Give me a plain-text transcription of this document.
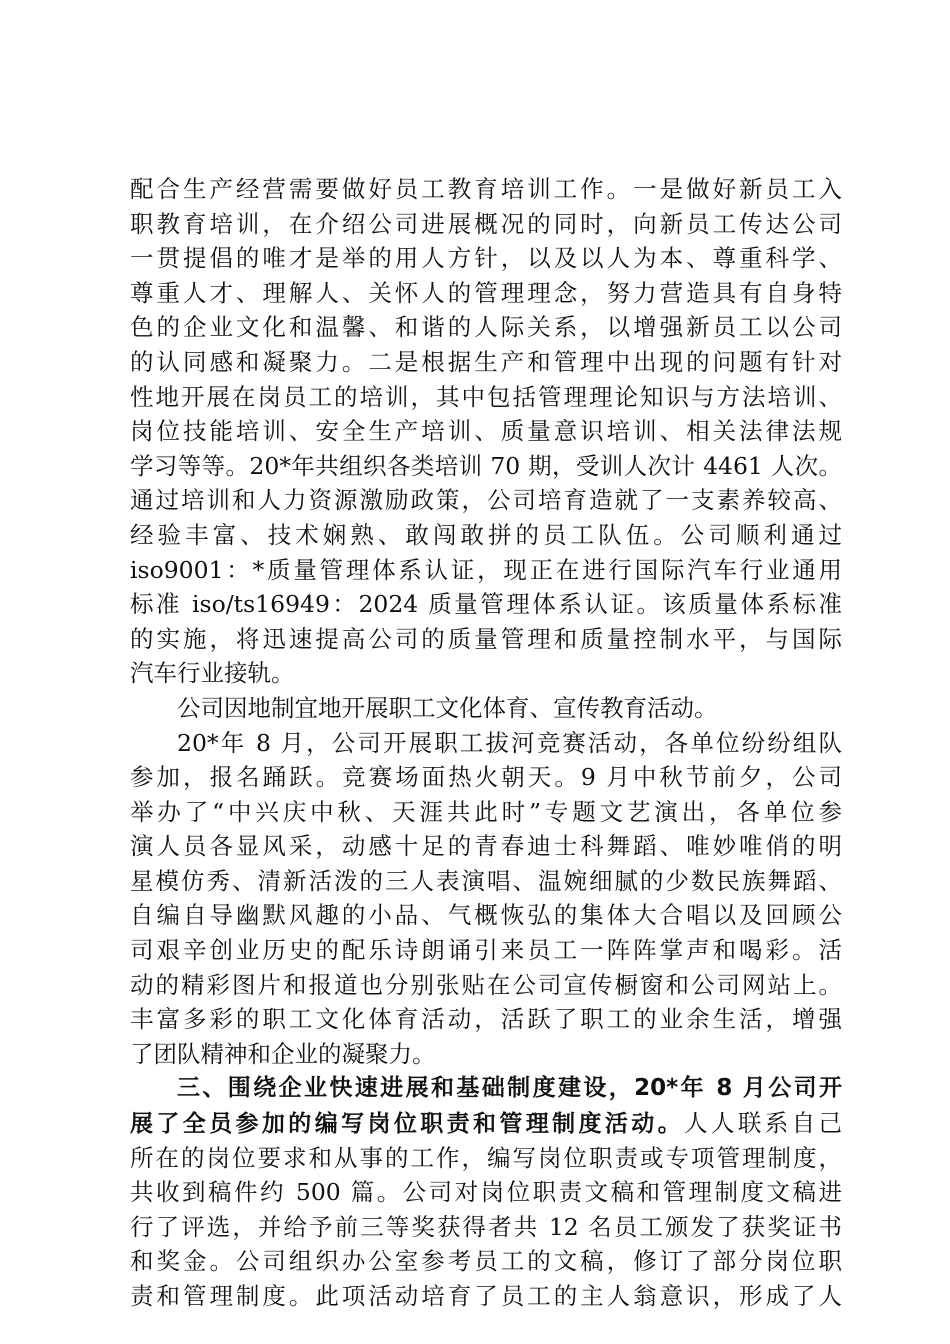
配合生产经营需要做好员工教育培训工作。一是做好新员工入
职教育培训，在介绍公司进展概况的同时，向新员工传达公司
一贯提倡的唯才是举的用人方针，以及以人为本、尊重科学、
尊重人才、理解人、关怀人的管理理念，努力营造具有自身特
色的企业文化和温馨、和谐的人际关系，以增强新员工以公司
的认同感和凝聚力。二是根据生产和管理中出现的问题有针对
性地开展在岗员工的培训，其中包括管理理论知识与方法培训、
岗位技能培训、安全生产培训、质量意识培训、相关法律法规
学习等等。20*年共组织各类培训 70 期，受训人次计 4461 人次。
通过培训和人力资源激励政策，公司培育造就了一支素养较高、
经验丰富、技术娴熟、敢闯敢拼的员工队伍。公司顺利通过
iso9001：*质量管理体系认证，现正在进行国际汽车行业通用
标准 iso/ts16949：2024 质量管理体系认证。该质量体系标准
的实施，将迅速提高公司的质量管理和质量控制水平，与国际
汽车行业接轨。
公司因地制宜地开展职工文化体育、宣传教育活动。
20*年 8 月，公司开展职工拔河竞赛活动，各单位纷纷组队
参加，报名踊跃。竞赛场面热火朝天。9 月中秋节前夕，公司
举办了“中兴庆中秋、天涯共此时”专题文艺演出，各单位参
演人员各显风采，动感十足的青春迪士科舞蹈、唯妙唯俏的明
星模仿秀、清新活泼的三人表演唱、温婉细腻的少数民族舞蹈、
自编自导幽默风趣的小品、气概恢弘的集体大合唱以及回顾公
司艰辛创业历史的配乐诗朗诵引来员工一阵阵掌声和喝彩。活
动的精彩图片和报道也分别张贴在公司宣传橱窗和公司网站上。
丰富多彩的职工文化体育活动，活跃了职工的业余生活，增强
了团队精神和企业的凝聚力。
三、围绕企业快速进展和基础制度建设，20*年 8 月公司开
展了全员参加的编写岗位职责和管理制度活动。人人联系自己
所在的岗位要求和从事的工作，编写岗位职责或专项管理制度，
共收到稿件约 500 篇。公司对岗位职责文稿和管理制度文稿进
行了评选，并给予前三等奖获得者共 12 名员工颁发了获奖证书
和奖金。公司组织办公室参考员工的文稿，修订了部分岗位职
责和管理制度。此项活动培育了员工的主人翁意识，形成了人
